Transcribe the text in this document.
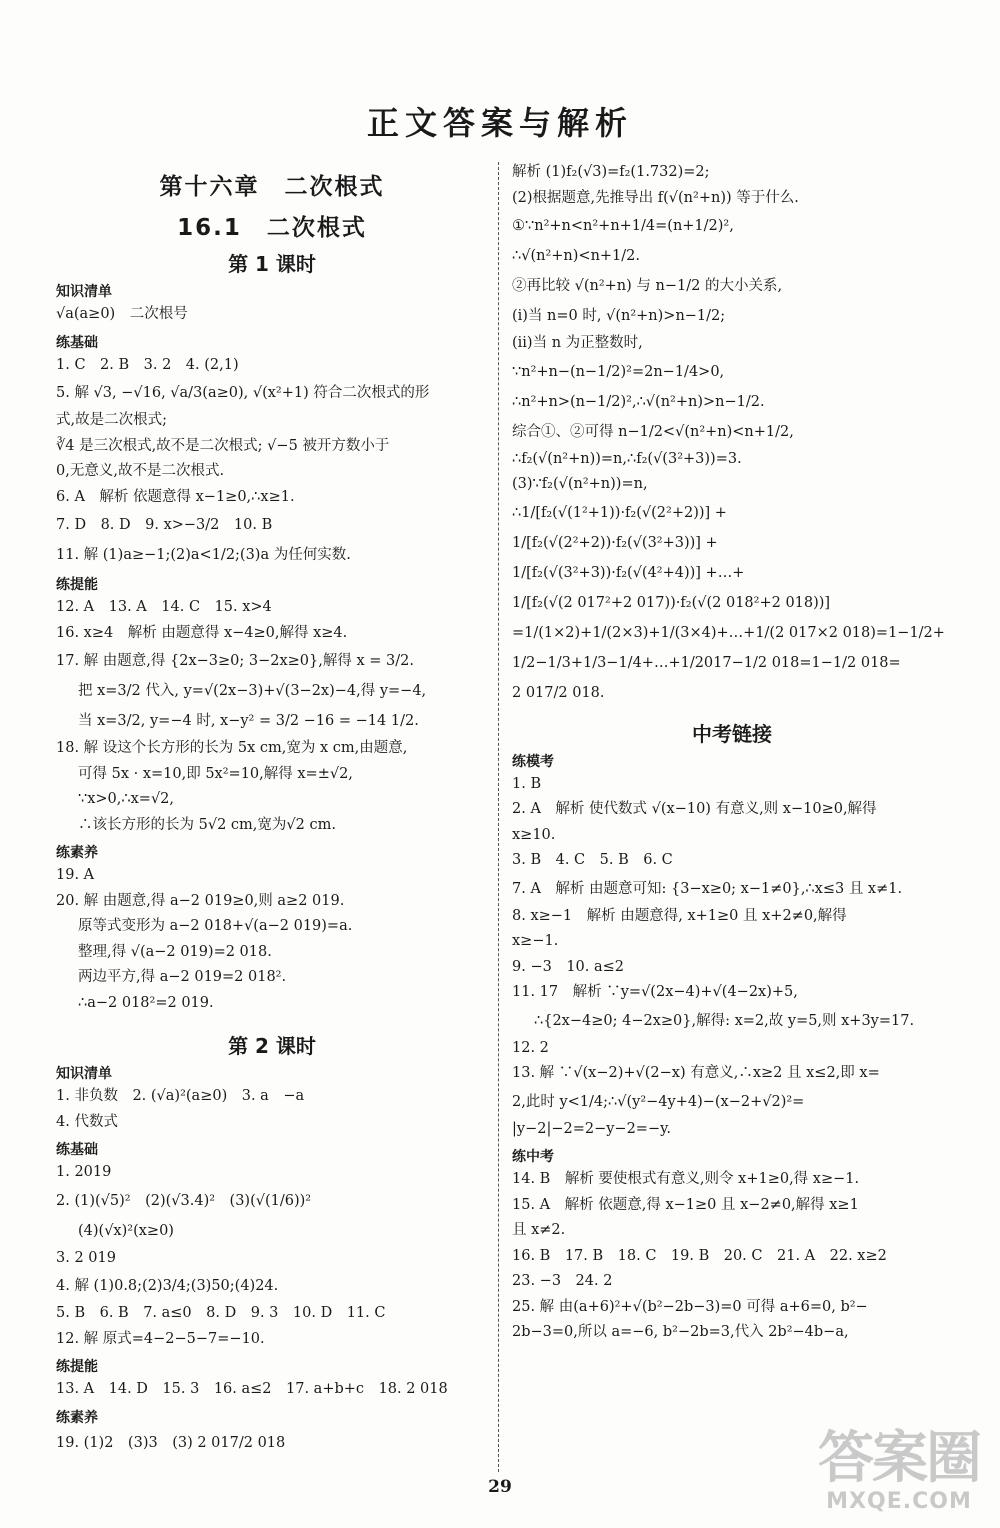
正文答案与解析
第十六章　二次根式
16.1　二次根式
第 1 课时
知识清单
√a(a≥0)　二次根号
练基础
1. C　2. B　3. 2　4. (2,1)
5. 解 √3, −√16, √a/3(a≥0), √(x²+1) 符合二次根式的形
式,故是二次根式;
∛4 是三次根式,故不是二次根式; √−5 被开方数小于
0,无意义,故不是二次根式.
6. A　解析 依题意得 x−1≥0,∴x≥1.
7. D　8. D　9. x>−3/2　10. B
11. 解 (1)a≥−1;(2)a<1/2;(3)a 为任何实数.
练提能
12. A　13. A　14. C　15. x>4
16. x≥4　解析 由题意得 x−4≥0,解得 x≥4.
17. 解 由题意,得 {2x−3≥0; 3−2x≥0},解得 x = 3/2.
把 x=3/2 代入, y=√(2x−3)+√(3−2x)−4,得 y=−4,
当 x=3/2, y=−4 时, x−y² = 3/2 −16 = −14 1/2.
18. 解 设这个长方形的长为 5x cm,宽为 x cm,由题意,
可得 5x · x=10,即 5x²=10,解得 x=±√2,
∵x>0,∴x=√2,
∴该长方形的长为 5√2 cm,宽为√2 cm.
练素养
19. A
20. 解 由题意,得 a−2 019≥0,则 a≥2 019.
原等式变形为 a−2 018+√(a−2 019)=a.
整理,得 √(a−2 019)=2 018.
两边平方,得 a−2 019=2 018².
∴a−2 018²=2 019.
第 2 课时
知识清单
1. 非负数　2. (√a)²(a≥0)　3. a　−a
4. 代数式
练基础
1. 2019
2. (1)(√5)²　(2)(√3.4)²　(3)(√(1/6))²
(4)(√x)²(x≥0)
3. 2 019
4. 解 (1)0.8;(2)3/4;(3)50;(4)24.
5. B　6. B　7. a≤0　8. D　9. 3　10. D　11. C
12. 解 原式=4−2−5−7=−10.
练提能
13. A　14. D　15. 3　16. a≤2　17. a+b+c　18. 2 018
练素养
19. (1)2　(3)3　(3) 2 017/2 018
解析 (1)f₂(√3)=f₂(1.732)=2;
(2)根据题意,先推导出 f(√(n²+n)) 等于什么.
①∵n²+n<n²+n+1/4=(n+1/2)²,
∴√(n²+n)<n+1/2.
②再比较 √(n²+n) 与 n−1/2 的大小关系,
(ⅰ)当 n=0 时, √(n²+n)>n−1/2;
(ⅱ)当 n 为正整数时,
∵n²+n−(n−1/2)²=2n−1/4>0,
∴n²+n>(n−1/2)²,∴√(n²+n)>n−1/2.
综合①、②可得 n−1/2<√(n²+n)<n+1/2,
∴f₂(√(n²+n))=n,∴f₂(√(3²+3))=3.
(3)∵f₂(√(n²+n))=n,
∴1/[f₂(√(1²+1))·f₂(√(2²+2))] +
1/[f₂(√(2²+2))·f₂(√(3²+3))] +
1/[f₂(√(3²+3))·f₂(√(4²+4))] +…+
1/[f₂(√(2 017²+2 017))·f₂(√(2 018²+2 018))]
=1/(1×2)+1/(2×3)+1/(3×4)+…+1/(2 017×2 018)=1−1/2+
1/2−1/3+1/3−1/4+…+1/2017−1/2 018=1−1/2 018=
2 017/2 018.
中考链接
练模考
1. B
2. A　解析 使代数式 √(x−10) 有意义,则 x−10≥0,解得
x≥10.
3. B　4. C　5. B　6. C
7. A　解析 由题意可知: {3−x≥0; x−1≠0},∴x≤3 且 x≠1.
8. x≥−1　解析 由题意得, x+1≥0 且 x+2≠0,解得
x≥−1.
9. −3　10. a≤2
11. 17　解析 ∵y=√(2x−4)+√(4−2x)+5,
∴{2x−4≥0; 4−2x≥0},解得: x=2,故 y=5,则 x+3y=17.
12. 2
13. 解 ∵√(x−2)+√(2−x) 有意义,∴x≥2 且 x≤2,即 x=
2,此时 y<1/4;∴√(y²−4y+4)−(x−2+√2)²=
|y−2|−2=2−y−2=−y.
练中考
14. B　解析 要使根式有意义,则令 x+1≥0,得 x≥−1.
15. A　解析 依题意,得 x−1≥0 且 x−2≠0,解得 x≥1
且 x≠2.
16. B　17. B　18. C　19. B　20. C　21. A　22. x≥2
23. −3　24. 2
25. 解 由(a+6)²+√(b²−2b−3)=0 可得 a+6=0, b²−
2b−3=0,所以 a=−6, b²−2b=3,代入 2b²−4b−a,
29	答案圈
MXQE.COM
